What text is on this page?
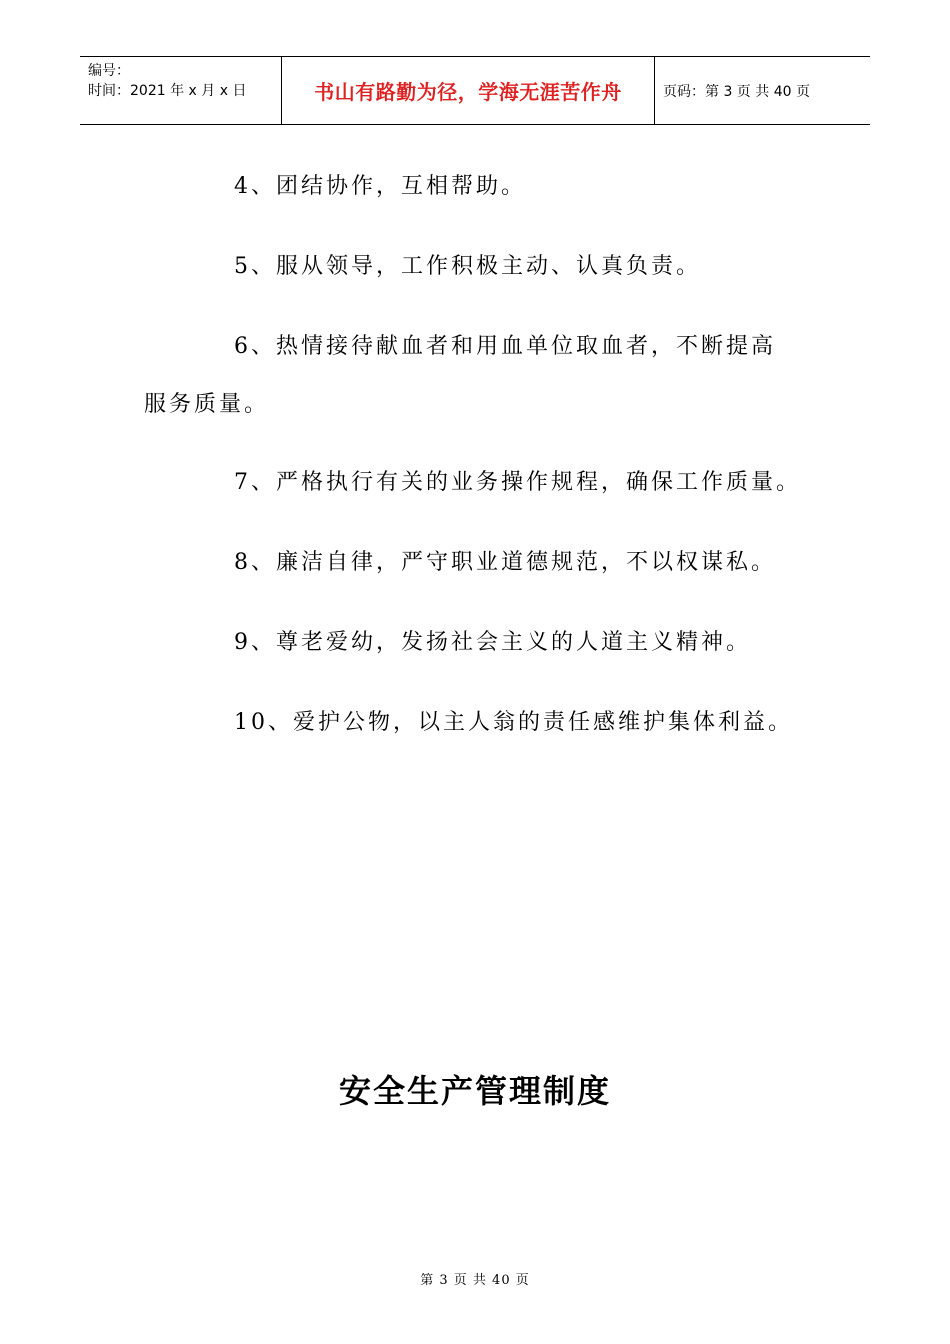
编号：
时间：2021 年 x 月 x 日	书山有路勤为径，学海无涯苦作舟	页码：第 3 页 共 40 页
4、团结协作，互相帮助。
5、服从领导，工作积极主动、认真负责。
6、热情接待献血者和用血单位取血者，不断提高
服务质量。
7、严格执行有关的业务操作规程，确保工作质量。
8、廉洁自律，严守职业道德规范，不以权谋私。
9、尊老爱幼，发扬社会主义的人道主义精神。
10、爱护公物，以主人翁的责任感维护集体利益。
安全生产管理制度
第 3 页 共 40 页
